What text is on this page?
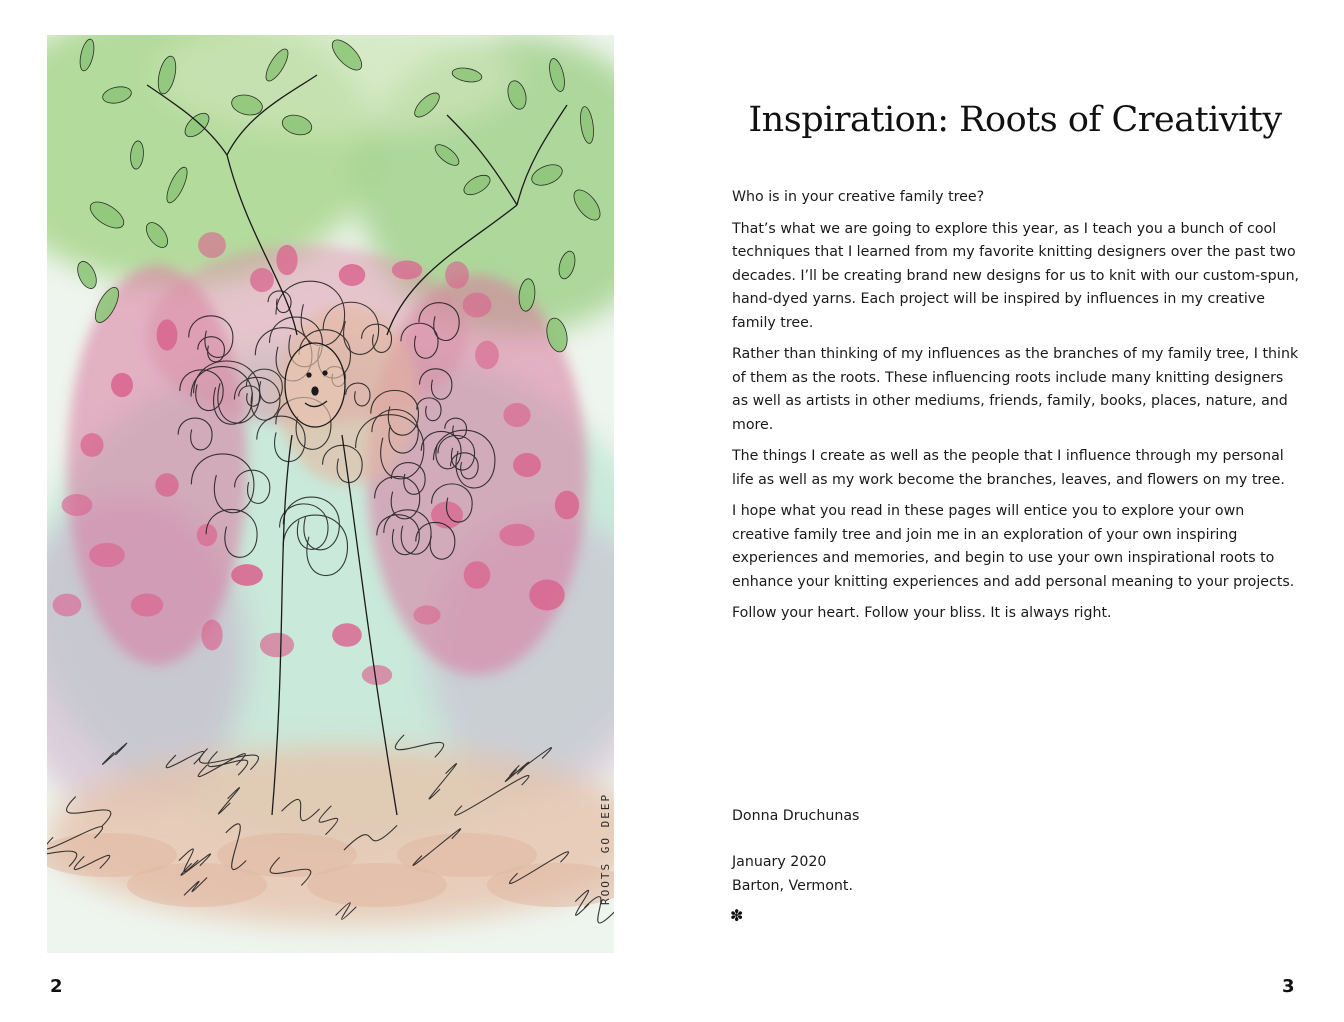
ROOTS GO DEEP
2
Inspiration: Roots of Creativity

Who is in your creative family tree?

That’s what we are going to explore this year, as I teach you a bunch of cool techniques that I learned from my favorite knitting designers over the past two decades. I’ll be creating brand new designs for us to knit with our custom-spun, hand-dyed yarns. Each project will be inspired by influences in my creative family tree.

Rather than thinking of my influences as the branches of my family tree, I think of them as the roots. These influencing roots include many knitting designers as well as artists in other mediums, friends, family, books, places, nature, and more.

The things I create as well as the people that I influence through my personal life as well as my work become the branches, leaves, and flowers on my tree.

I hope what you read in these pages will entice you to explore your own creative family tree and join me in an exploration of your own inspiring experiences and memories, and begin to use your own inspirational roots to enhance your knitting experiences and add personal meaning to your projects.

Follow your heart. Follow your bliss. It is always right.

Donna Druchunas
January 2020
Barton, Vermont.
✽
3
